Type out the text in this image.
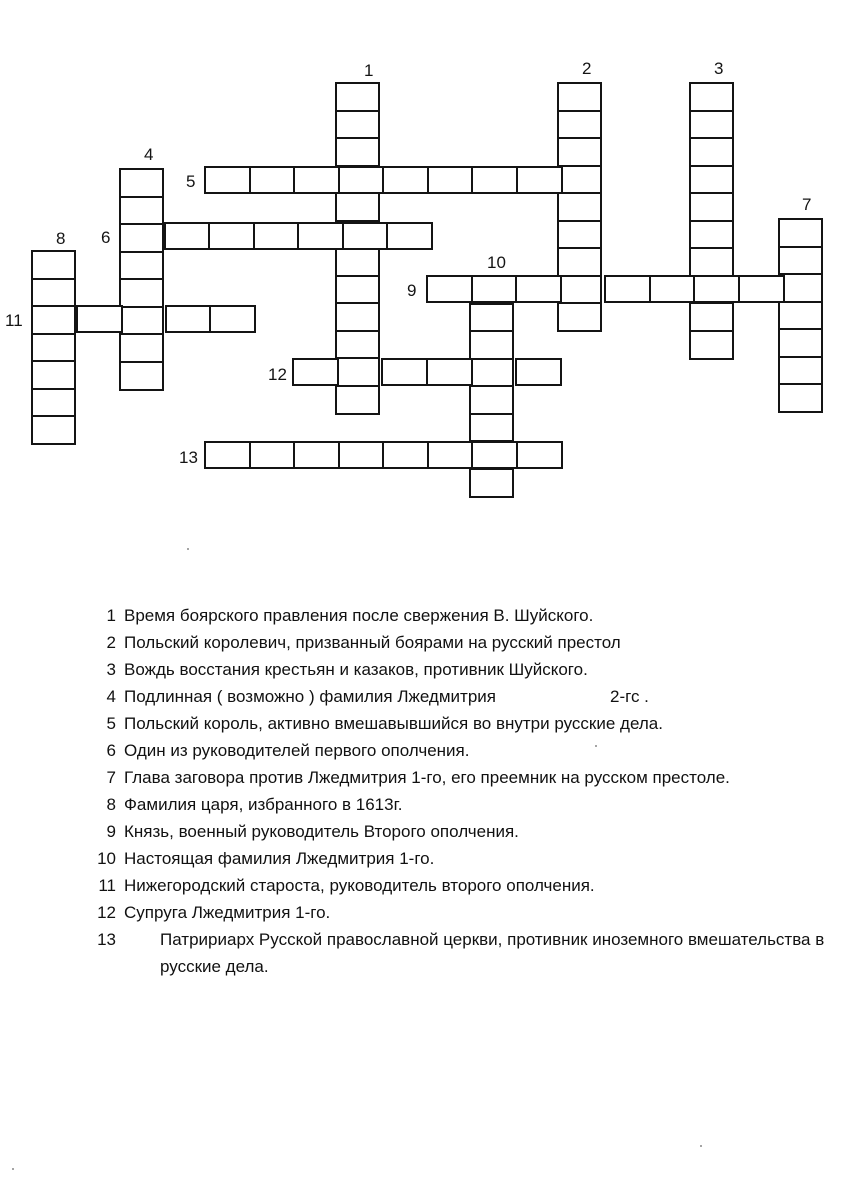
1	2	3
4
5
6
7
8
9
10
11
12
13
1 Время боярского правления после свержения В. Шуйского.
2 Польский королевич, призванный боярами на русский престол
3 Вождь восстания крестьян и казаков, противник Шуйского.
4 Подлинная ( возможно ) фамилия Лжедмитрия	2-гс .
5 Польский король, активно вмешавывшийся во внутри русские дела.
6 Один из руководителей первого ополчения.
7 Глава заговора против Лжедмитрия 1-го, его преемник на русском престоле.
8 Фамилия царя, избранного в 1613г.
9 Князь, военный руководитель Второго ополчения.
10 Настоящая фамилия Лжедмитрия 1-го.
11 Нижегородский староста, руководитель второго ополчения.
12 Супруга Лжедмитрия 1-го.
13	Патририарх Русской православной церкви, противник иноземного вмешательства в русские дела.
